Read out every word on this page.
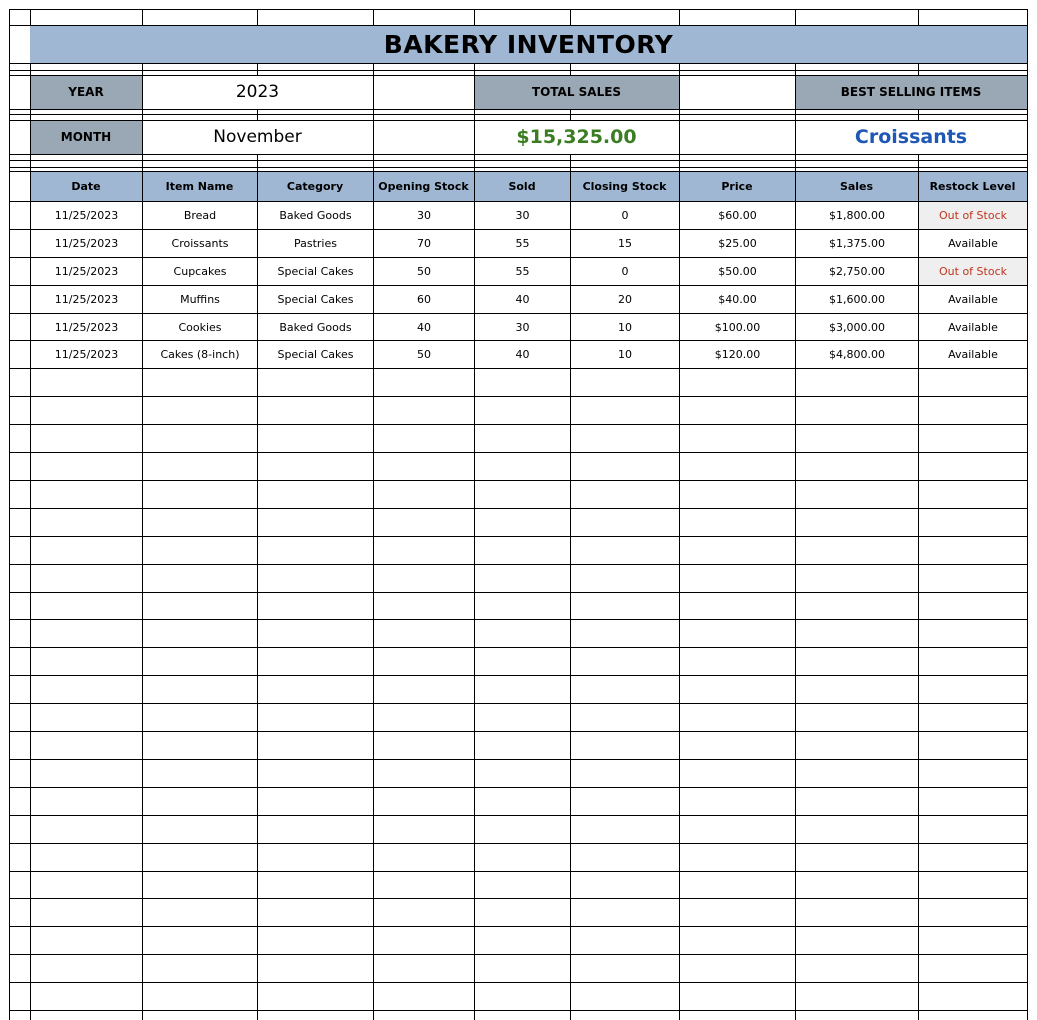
BAKERY INVENTORY
YEAR	2023	TOTAL SALES	BEST SELLING ITEMS
MONTH	November	$15,325.00	Croissants
Date	Item Name	Category	Opening Stock	Sold	Closing Stock	Price	Sales	Restock Level
11/25/2023	Bread	Baked Goods	30	30	0	$60.00	$1,800.00	Out of Stock
11/25/2023	Croissants	Pastries	70	55	15	$25.00	$1,375.00	Available
11/25/2023	Cupcakes	Special Cakes	50	55	0	$50.00	$2,750.00	Out of Stock
11/25/2023	Muffins	Special Cakes	60	40	20	$40.00	$1,600.00	Available
11/25/2023	Cookies	Baked Goods	40	30	10	$100.00	$3,000.00	Available
11/25/2023	Cakes (8-inch)	Special Cakes	50	40	10	$120.00	$4,800.00	Available
